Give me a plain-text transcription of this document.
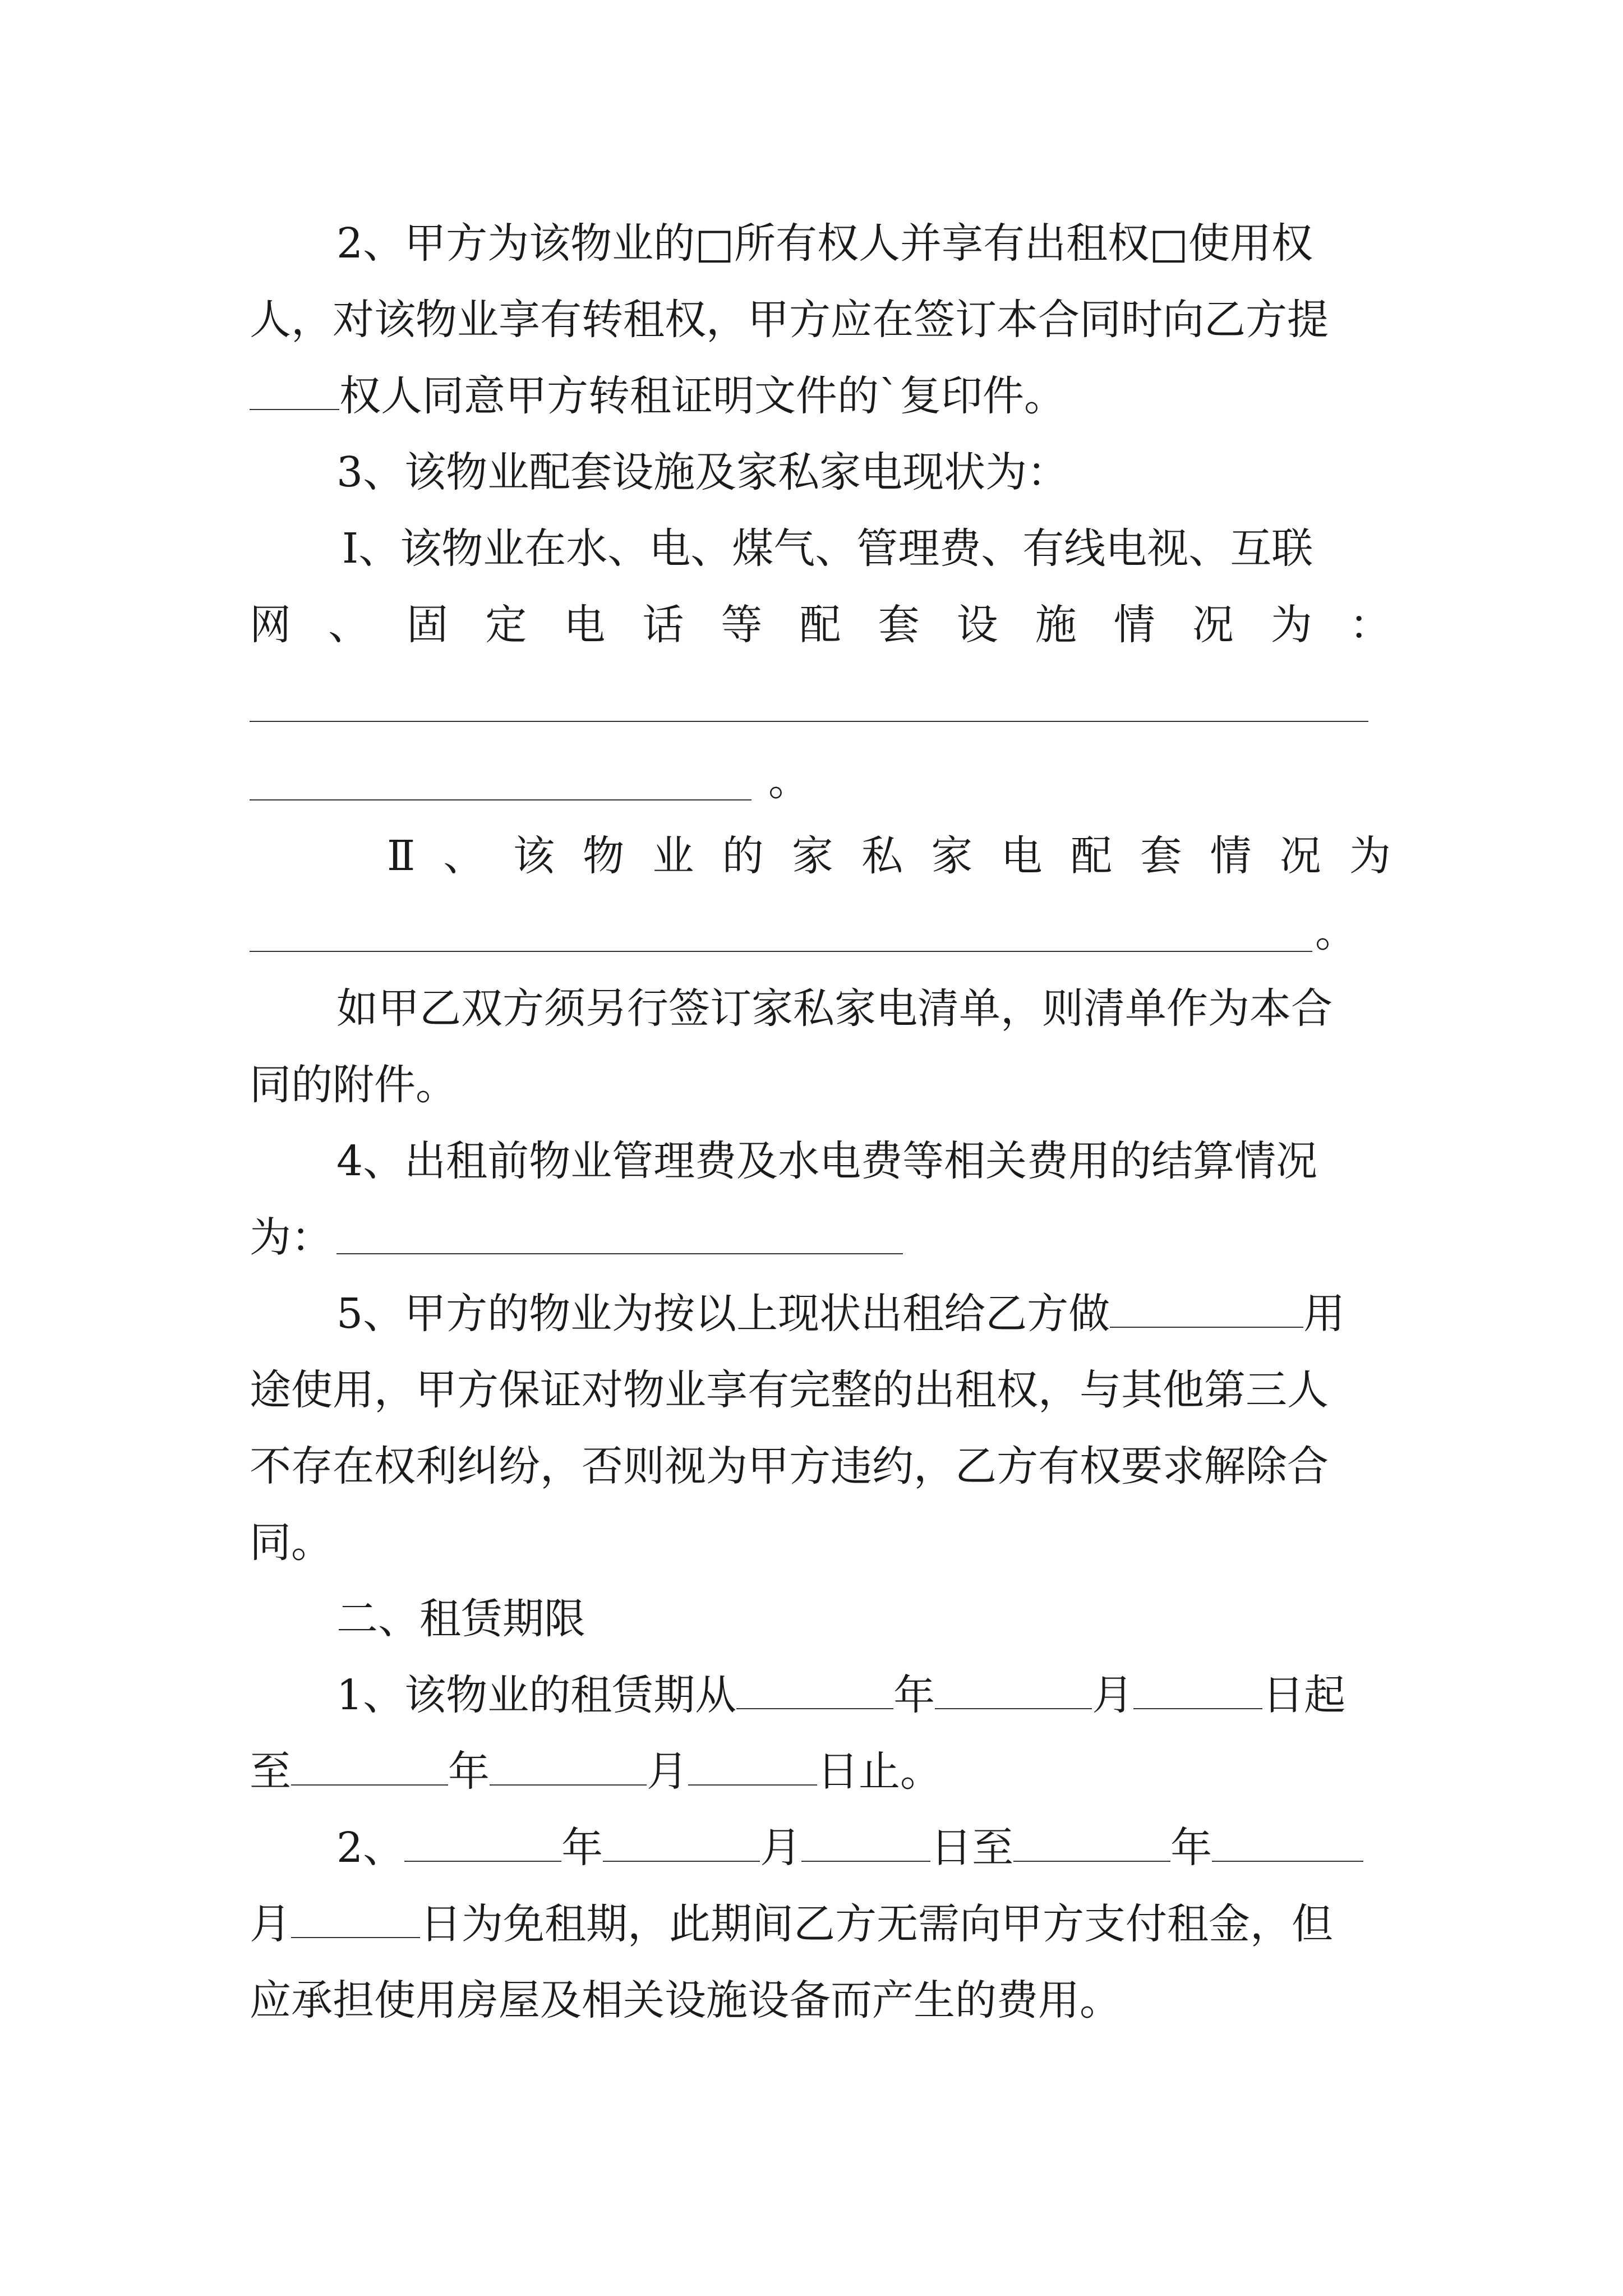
2、甲方为该物业的□所有权人并享有出租权□使用权
人，对该物业享有转租权，甲方应在签订本合同时向乙方提
权人同意甲方转租证明文件的`复印件。
3、该物业配套设施及家私家电现状为：
Ⅰ、该物业在水、电、煤气、管理费、有线电视、互联
网、固定电话等配套设施情况为：
。
Ⅱ、该物业的家私家电配套情况为
。
如甲乙双方须另行签订家私家电清单，则清单作为本合
同的附件。
4、出租前物业管理费及水电费等相关费用的结算情况
为：
5、甲方的物业为按以上现状出租给乙方做	用
途使用，甲方保证对物业享有完整的出租权，与其他第三人
不存在权利纠纷，否则视为甲方违约，乙方有权要求解除合
同。
二、租赁期限
1、该物业的租赁期从	年	月	日起
至	年	月	日止。
2、	年	月	日至	年
月	日为免租期，此期间乙方无需向甲方支付租金，但
应承担使用房屋及相关设施设备而产生的费用。
